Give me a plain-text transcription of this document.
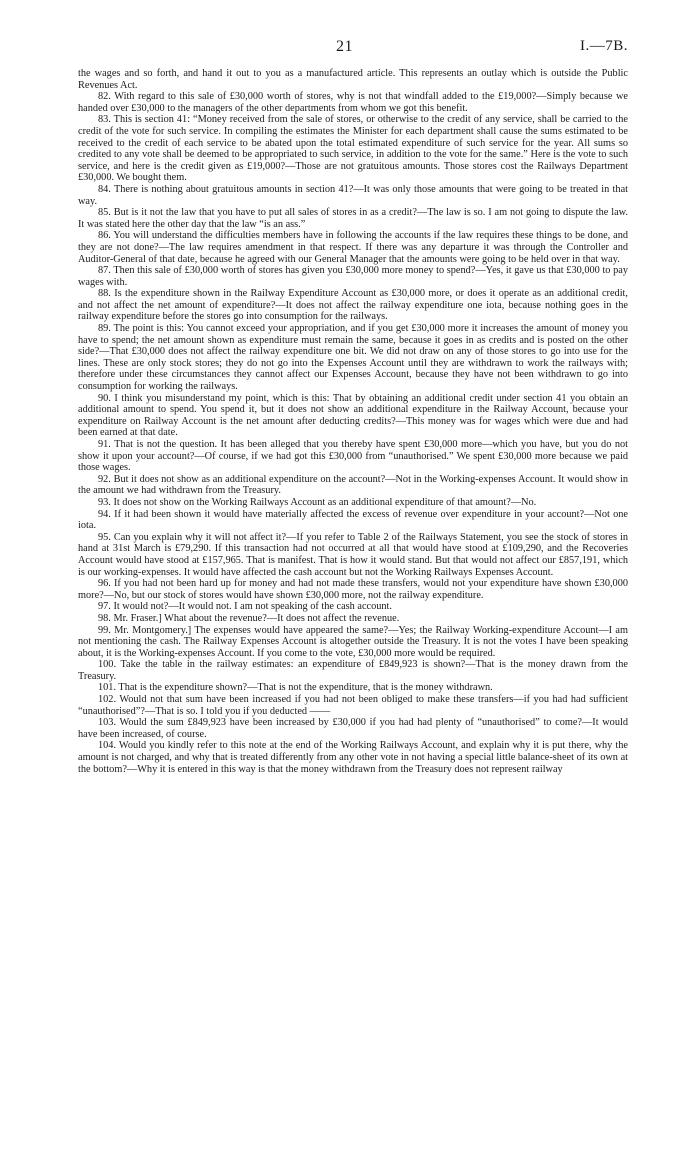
21	I.—7B.

the wages and so forth, and hand it out to you as a manufactured article. This represents an outlay which is outside the Public Revenues Act.

82. With regard to this sale of £30,000 worth of stores, why is not that windfall added to the £19,000?—Simply because we handed over £30,000 to the managers of the other departments from whom we got this benefit.

83. This is section 41: “Money received from the sale of stores, or otherwise to the credit of any service, shall be carried to the credit of the vote for such service. In compiling the estimates the Minister for each department shall cause the sums estimated to be received to the credit of each service to be abated upon the total estimated expenditure of such service for the year. All sums so credited to any vote shall be deemed to be appropriated to such service, in addition to the vote for the same.” Here is the vote to such service, and here is the credit given as £19,000?—Those are not gratuitous amounts. Those stores cost the Railways Department £30,000. We bought them.

84. There is nothing about gratuitous amounts in section 41?—It was only those amounts that were going to be treated in that way.

85. But is it not the law that you have to put all sales of stores in as a credit?—The law is so. I am not going to dispute the law. It was stated here the other day that the law “is an ass.”

86. You will understand the difficulties members have in following the accounts if the law requires these things to be done, and they are not done?—The law requires amendment in that respect. If there was any departure it was through the Controller and Auditor-General of that date, because he agreed with our General Manager that the amounts were going to be held over in that way.

87. Then this sale of £30,000 worth of stores has given you £30,000 more money to spend?—Yes, it gave us that £30,000 to pay wages with.

88. Is the expenditure shown in the Railway Expenditure Account as £30,000 more, or does it operate as an additional credit, and not affect the net amount of expenditure?—It does not affect the railway expenditure one iota, because nothing goes in the railway expenditure before the stores go into consumption for the railways.

89. The point is this: You cannot exceed your appropriation, and if you get £30,000 more it increases the amount of money you have to spend; the net amount shown as expenditure must remain the same, because it goes in as credits and is posted on the other side?—That £30,000 does not affect the railway expenditure one bit. We did not draw on any of those stores to go into use for the lines. These are only stock stores; they do not go into the Expenses Account until they are withdrawn to work the railways with; therefore under these circumstances they cannot affect our Expenses Account, because they have not been withdrawn to go into consumption for working the railways.

90. I think you misunderstand my point, which is this: That by obtaining an additional credit under section 41 you obtain an additional amount to spend. You spend it, but it does not show an additional expenditure in the Railway Account, because your expenditure on Railway Account is the net amount after deducting credits?—This money was for wages which were due and had been earned at that date.

91. That is not the question. It has been alleged that you thereby have spent £30,000 more—which you have, but you do not show it upon your account?—Of course, if we had got this £30,000 from “unauthorised.” We spent £30,000 more because we paid those wages.

92. But it does not show as an additional expenditure on the account?—Not in the Working-expenses Account. It would show in the amount we had withdrawn from the Treasury.

93. It does not show on the Working Railways Account as an additional expenditure of that amount?—No.

94. If it had been shown it would have materially affected the excess of revenue over expenditure in your account?—Not one iota.

95. Can you explain why it will not affect it?—If you refer to Table 2 of the Railways Statement, you see the stock of stores in hand at 31st March is £79,290. If this transaction had not occurred at all that would have stood at £109,290, and the Recoveries Account would have stood at £157,965. That is manifest. That is how it would stand. But that would not affect our £857,191, which is our working-expenses. It would have affected the cash account but not the Working Railways Expenses Account.

96. If you had not been hard up for money and had not made these transfers, would not your expenditure have shown £30,000 more?—No, but our stock of stores would have shown £30,000 more, not the railway expenditure.

97. It would not?—It would not. I am not speaking of the cash account.

98. Mr. Fraser.] What about the revenue?—It does not affect the revenue.

99. Mr. Montgomery.] The expenses would have appeared the same?—Yes; the Railway Working-expenditure Account—I am not mentioning the cash. The Railway Expenses Account is altogether outside the Treasury. It is not the votes I have been speaking about, it is the Working-expenses Account. If you come to the vote, £30,000 more would be required.

100. Take the table in the railway estimates: an expenditure of £849,923 is shown?—That is the money drawn from the Treasury.

101. That is the expenditure shown?—That is not the expenditure, that is the money withdrawn.

102. Would not that sum have been increased if you had not been obliged to make these transfers—if you had had sufficient “unauthorised”?—That is so. I told you if you deducted ——

103. Would the sum £849,923 have been increased by £30,000 if you had had plenty of “unauthorised” to come?—It would have been increased, of course.

104. Would you kindly refer to this note at the end of the Working Railways Account, and explain why it is put there, why the amount is not charged, and why that is treated differently from any other vote in not having a special little balance-sheet of its own at the bottom?—Why it is entered in this way is that the money withdrawn from the Treasury does not represent railway
